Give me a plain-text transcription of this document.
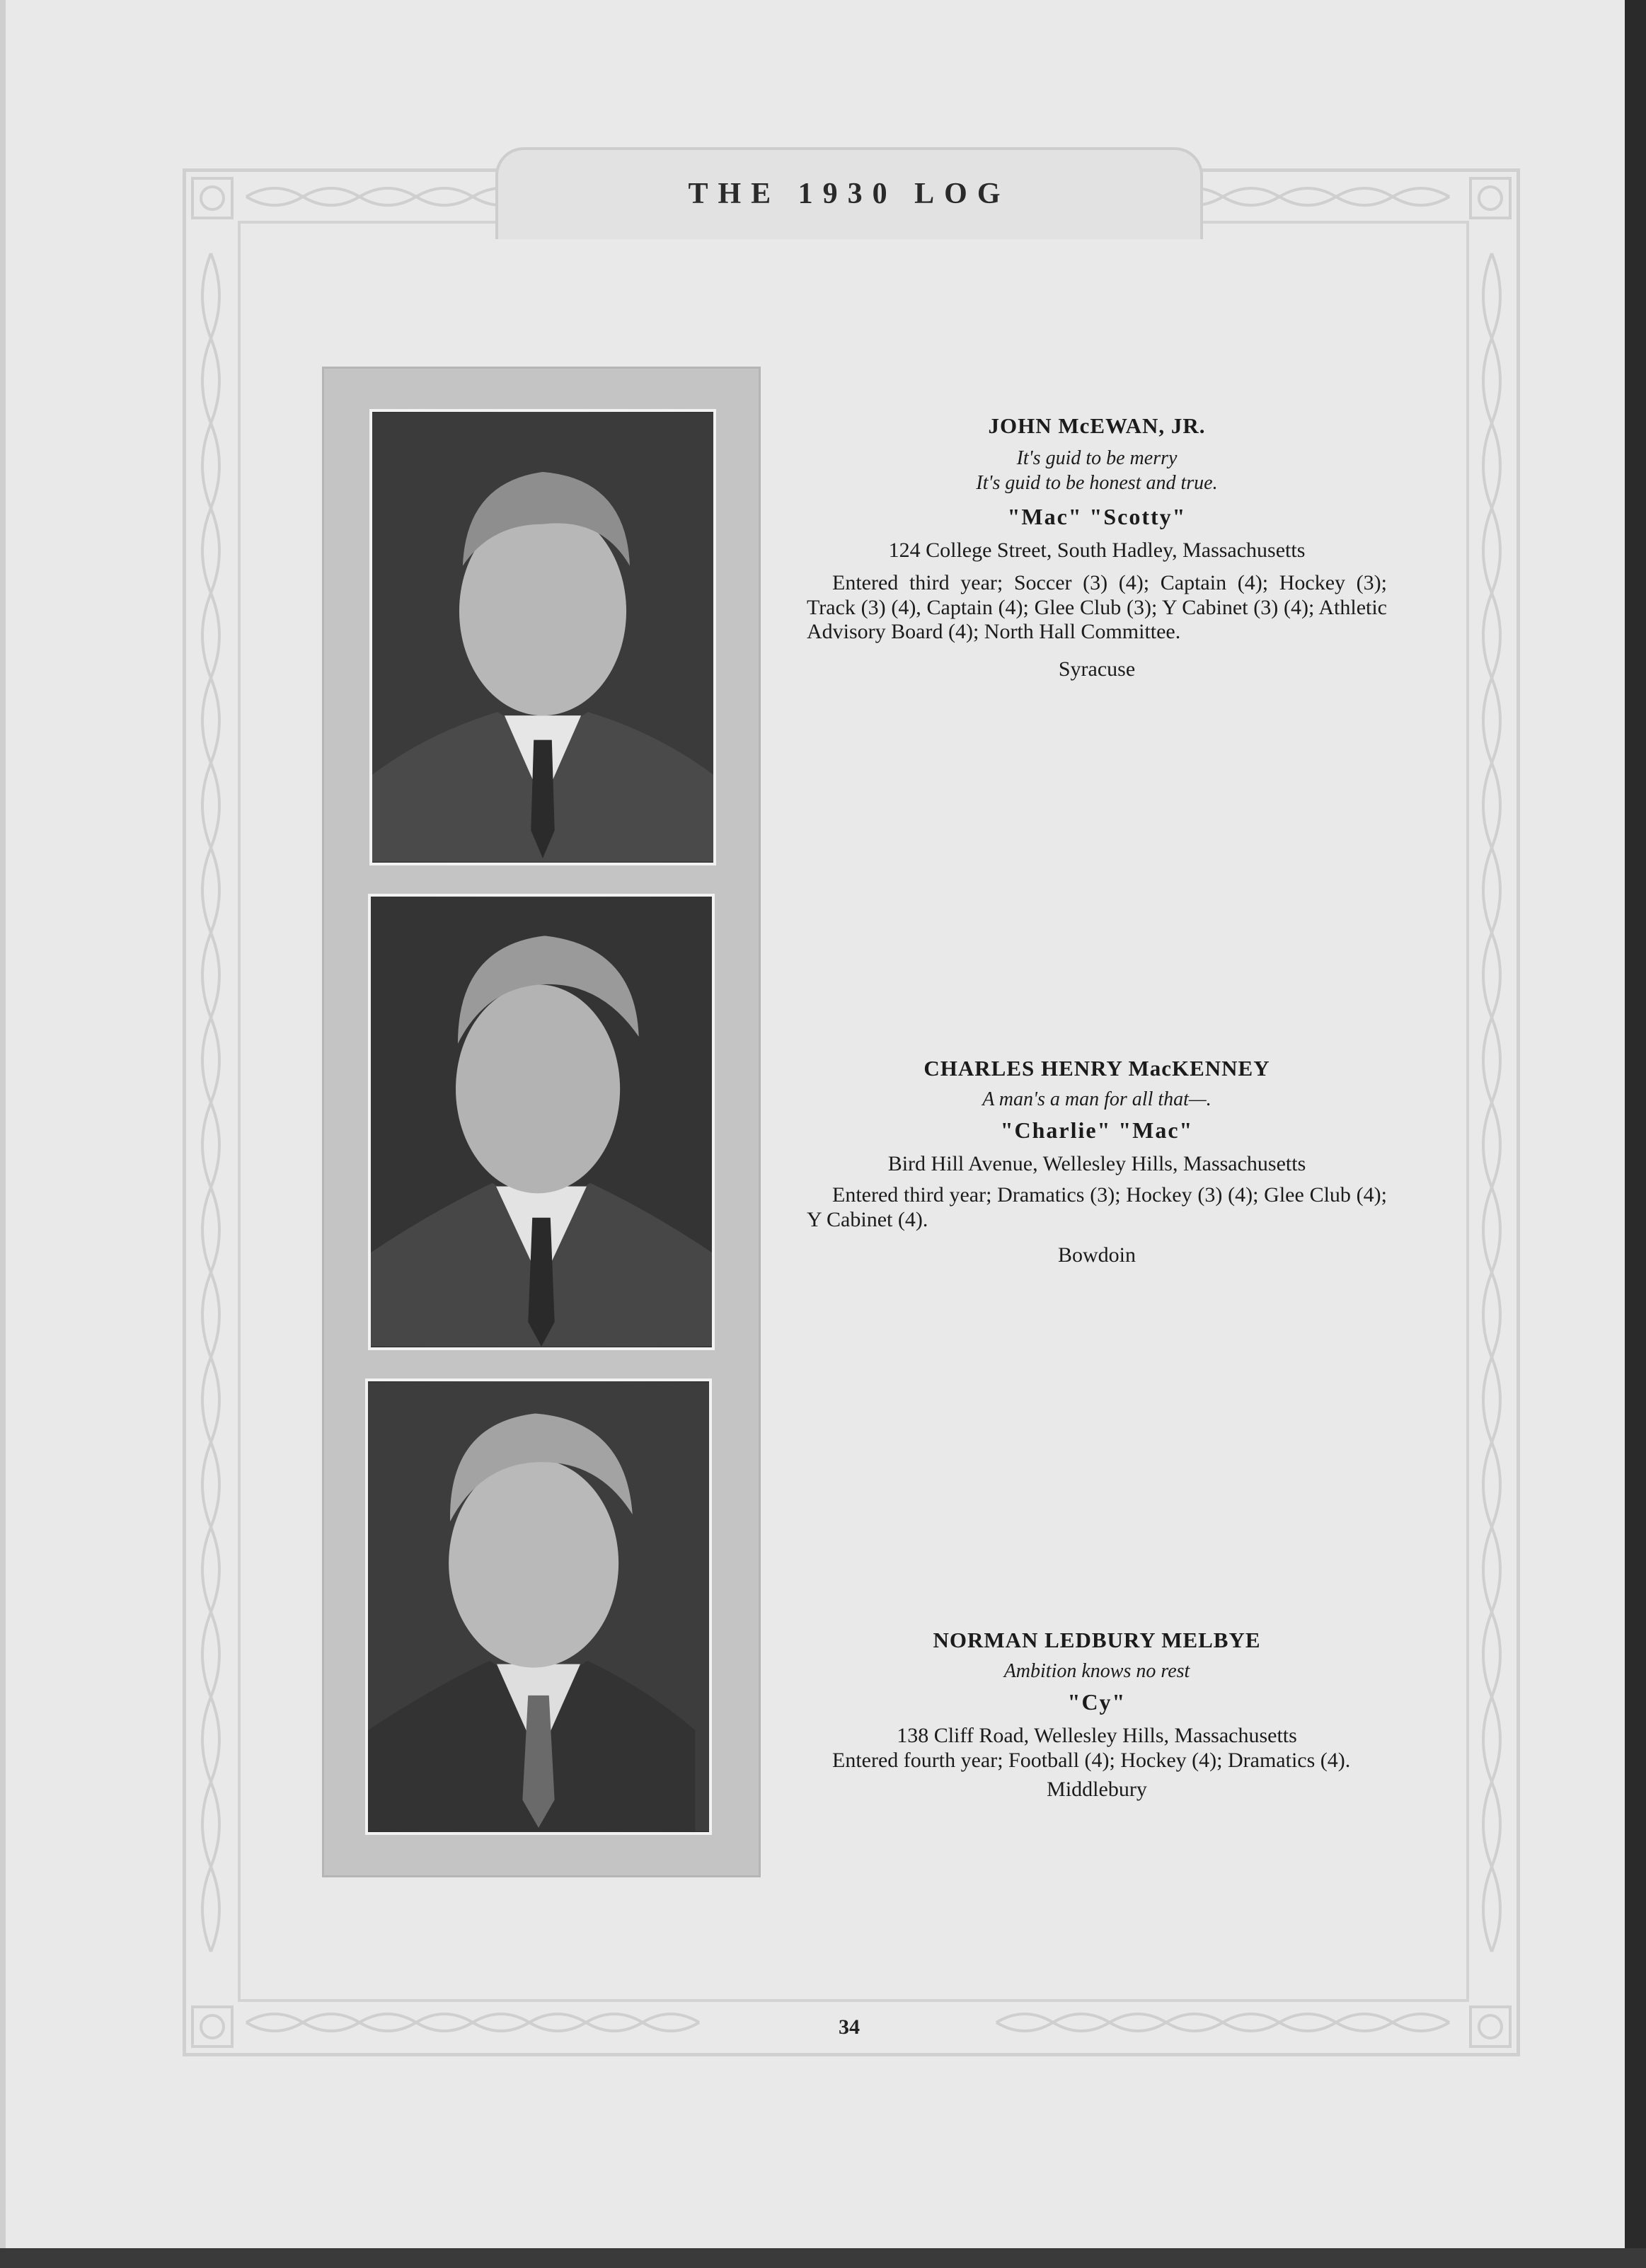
THE 1930 LOG

JOHN McEWAN, JR.

It's guid to be merry

It's guid to be honest and true.

"Mac" "Scotty"

124 College Street, South Hadley, Massachusetts

Entered third year; Soccer (3) (4); Captain (4); Hockey (3); Track (3) (4), Captain (4); Glee Club (3); Y Cabinet (3) (4); Athletic Advisory Board (4); North Hall Committee.

Syracuse

CHARLES HENRY MacKENNEY

A man's a man for all that—.

"Charlie" "Mac"

Bird Hill Avenue, Wellesley Hills, Massachusetts

Entered third year; Dramatics (3); Hockey (3) (4); Glee Club (4); Y Cabinet (4).

Bowdoin

NORMAN LEDBURY MELBYE

Ambition knows no rest

"Cy"

138 Cliff Road, Wellesley Hills, Massachusetts

Entered fourth year; Football (4); Hockey (4); Dramatics (4).

Middlebury

34
